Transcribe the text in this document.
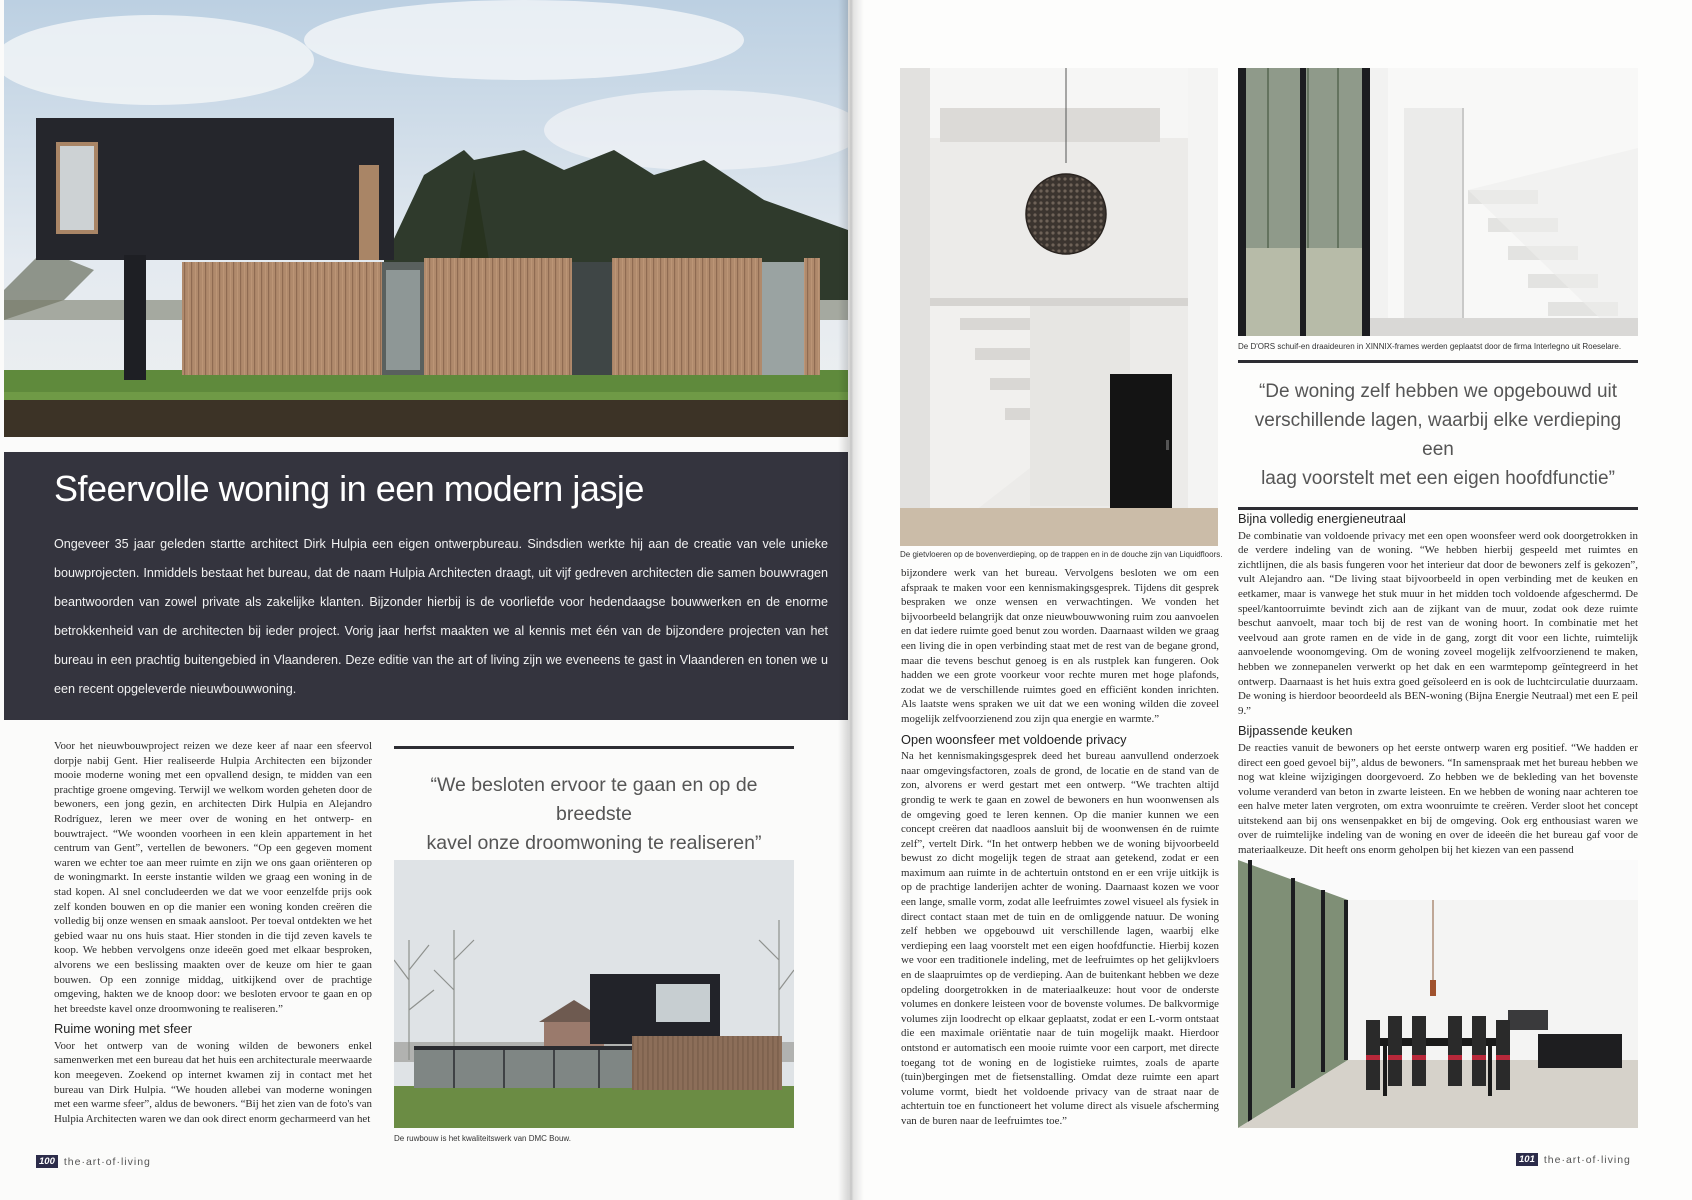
Sfeervolle woning in een modern jasje

Ongeveer 35 jaar geleden startte architect Dirk Hulpia een eigen ontwerpbureau. Sindsdien werkte hij aan de creatie van vele unieke bouwprojecten. Inmiddels bestaat het bureau, dat de naam Hulpia Architecten draagt, uit vijf gedreven architecten die samen bouwvragen beantwoorden van zowel private als zakelijke klanten. Bijzonder hierbij is de voorliefde voor hedendaagse bouwwerken en de enorme betrokkenheid van de architecten bij ieder project. Vorig jaar herfst maakten we al kennis met één van de bijzondere projecten van het bureau in een prachtig buitengebied in Vlaanderen. Deze editie van the art of living zijn we eveneens te gast in Vlaanderen en tonen we u een recent opgeleverde nieuwbouwwoning.

Voor het nieuwbouwproject reizen we deze keer af naar een sfeervol dorpje nabij Gent. Hier realiseerde Hulpia Architecten een bijzonder mooie moderne woning met een opvallend design, te midden van een prachtige groene omgeving. Terwijl we welkom worden geheten door de bewoners, een jong gezin, en architecten Dirk Hulpia en Alejandro Rodríguez, leren we meer over de woning en het ontwerp- en bouwtraject. “We woonden voorheen in een klein appartement in het centrum van Gent”, vertellen de bewoners. “Op een gegeven moment waren we echter toe aan meer ruimte en zijn we ons gaan oriënteren op de woningmarkt. In eerste instantie wilden we graag een woning in de stad kopen. Al snel concludeerden we dat we voor eenzelfde prijs ook zelf konden bouwen en op die manier een woning konden creëren die volledig bij onze wensen en smaak aansloot. Per toeval ontdekten we het gebied waar nu ons huis staat. Hier stonden in die tijd zeven kavels te koop. We hebben vervolgens onze ideeën goed met elkaar besproken, alvorens we een beslissing maakten over de keuze om hier te gaan bouwen. Op een zonnige middag, uitkijkend over de prachtige omgeving, hakten we de knoop door: we besloten ervoor te gaan en op het breedste kavel onze droomwoning te realiseren.”

Ruime woning met sfeer

Voor het ontwerp van de woning wilden de bewoners enkel samenwerken met een bureau dat het huis een architecturale meerwaarde kon meegeven. Zoekend op internet kwamen zij in contact met het bureau van Dirk Hulpia. “We houden allebei van moderne woningen met een warme sfeer”, aldus de bewoners. “Bij het zien van de foto's van Hulpia Architecten waren we dan ook direct enorm gecharmeerd van het

“We besloten ervoor te gaan en op de breedste
kavel onze droomwoning te realiseren”
De ruwbouw is het kwaliteitswerk van DMC Bouw.
100 the·art·of·living
De gietvloeren op de bovenverdieping, op de trappen en in de douche zijn van Liquidfloors.
De D'ORS schuif-en draaideuren in XINNIX-frames werden geplaatst door de firma Interlegno uit Roeselare.
“De woning zelf hebben we opgebouwd uit
verschillende lagen, waarbij elke verdieping een
laag voorstelt met een eigen hoofdfunctie”

bijzondere werk van het bureau. Vervolgens besloten we om een afspraak te maken voor een kennismakingsgesprek. Tijdens dit gesprek bespraken we onze wensen en verwachtingen. We vonden het bijvoorbeeld belangrijk dat onze nieuwbouwwoning ruim zou aanvoelen en dat iedere ruimte goed benut zou worden. Daarnaast wilden we graag een living die in open verbinding staat met de rest van de begane grond, maar die tevens beschut genoeg is en als rustplek kan fungeren. Ook hadden we een grote voorkeur voor rechte muren met hoge plafonds, zodat we de verschillende ruimtes goed en efficiënt konden inrichten. Als laatste wens spraken we uit dat we een woning wilden die zoveel mogelijk zelfvoorzienend zou zijn qua energie en warmte.”

Open woonsfeer met voldoende privacy

Na het kennismakingsgesprek deed het bureau aanvullend onderzoek naar omgevingsfactoren, zoals de grond, de locatie en de stand van de zon, alvorens er werd gestart met een ontwerp. “We trachten altijd grondig te werk te gaan en zowel de bewoners en hun woonwensen als de omgeving goed te leren kennen. Op die manier kunnen we een concept creëren dat naadloos aansluit bij de woonwensen én de ruimte zelf”, vertelt Dirk. “In het ontwerp hebben we de woning bijvoorbeeld bewust zo dicht mogelijk tegen de straat aan getekend, zodat er een maximum aan ruimte in de achtertuin ontstond en er een vrije uitkijk is op de prachtige landerijen achter de woning. Daarnaast kozen we voor een lange, smalle vorm, zodat alle leefruimtes zowel visueel als fysiek in direct contact staan met de tuin en de omliggende natuur. De woning zelf hebben we opgebouwd uit verschillende lagen, waarbij elke verdieping een laag voorstelt met een eigen hoofdfunctie. Hierbij kozen we voor een traditionele indeling, met de leefruimtes op het gelijkvloers en de slaapruimtes op de verdieping. Aan de buitenkant hebben we deze opdeling doorgetrokken in de materiaalkeuze: hout voor de onderste volumes en donkere leisteen voor de bovenste volumes. De balkvormige volumes zijn loodrecht op elkaar geplaatst, zodat er een L-vorm ontstaat die een maximale oriëntatie naar de tuin mogelijk maakt. Hierdoor ontstond er automatisch een mooie ruimte voor een carport, met directe toegang tot de woning en de logistieke ruimtes, zoals de aparte (tuin)bergingen met de fietsenstalling. Omdat deze ruimte een apart volume vormt, biedt het voldoende privacy van de straat naar de achtertuin toe en functioneert het volume direct als visuele afscherming van de buren naar de leefruimtes toe.”

Bijna volledig energieneutraal

De combinatie van voldoende privacy met een open woonsfeer werd ook doorgetrokken in de verdere indeling van de woning. “We hebben hierbij gespeeld met ruimtes en zichtlijnen, die als basis fungeren voor het interieur dat door de bewoners zelf is gekozen”, vult Alejandro aan. “De living staat bijvoorbeeld in open verbinding met de keuken en eetkamer, maar is vanwege het stuk muur in het midden toch voldoende afgeschermd. De speel/kantoorruimte bevindt zich aan de zijkant van de muur, zodat ook deze ruimte beschut aanvoelt, maar toch bij de rest van de woning hoort. In combinatie met het veelvoud aan grote ramen en de vide in de gang, zorgt dit voor een lichte, ruimtelijk aanvoelende woonomgeving. Om de woning zoveel mogelijk zelfvoorzienend te maken, hebben we zonnepanelen verwerkt op het dak en een warmtepomp geïntegreerd in het ontwerp. Daarnaast is het huis extra goed geïsoleerd en is ook de luchtcirculatie duurzaam. De woning is hierdoor beoordeeld als BEN-woning (Bijna Energie Neutraal) met een E peil 9.”

Bijpassende keuken

De reacties vanuit de bewoners op het eerste ontwerp waren erg positief. “We hadden er direct een goed gevoel bij”, aldus de bewoners. “In samenspraak met het bureau hebben we nog wat kleine wijzigingen doorgevoerd. Zo hebben we de bekleding van het bovenste volume veranderd van beton in zwarte leisteen. En we hebben de woning naar achteren toe een halve meter laten vergroten, om extra woonruimte te creëren. Verder sloot het concept uitstekend aan bij ons wensenpakket en bij de omgeving. Ook erg enthousiast waren we over de ruimtelijke indeling van de woning en over de ideeën die het bureau gaf voor de materiaalkeuze. Dit heeft ons enorm geholpen bij het kiezen van een passend

101 the·art·of·living
